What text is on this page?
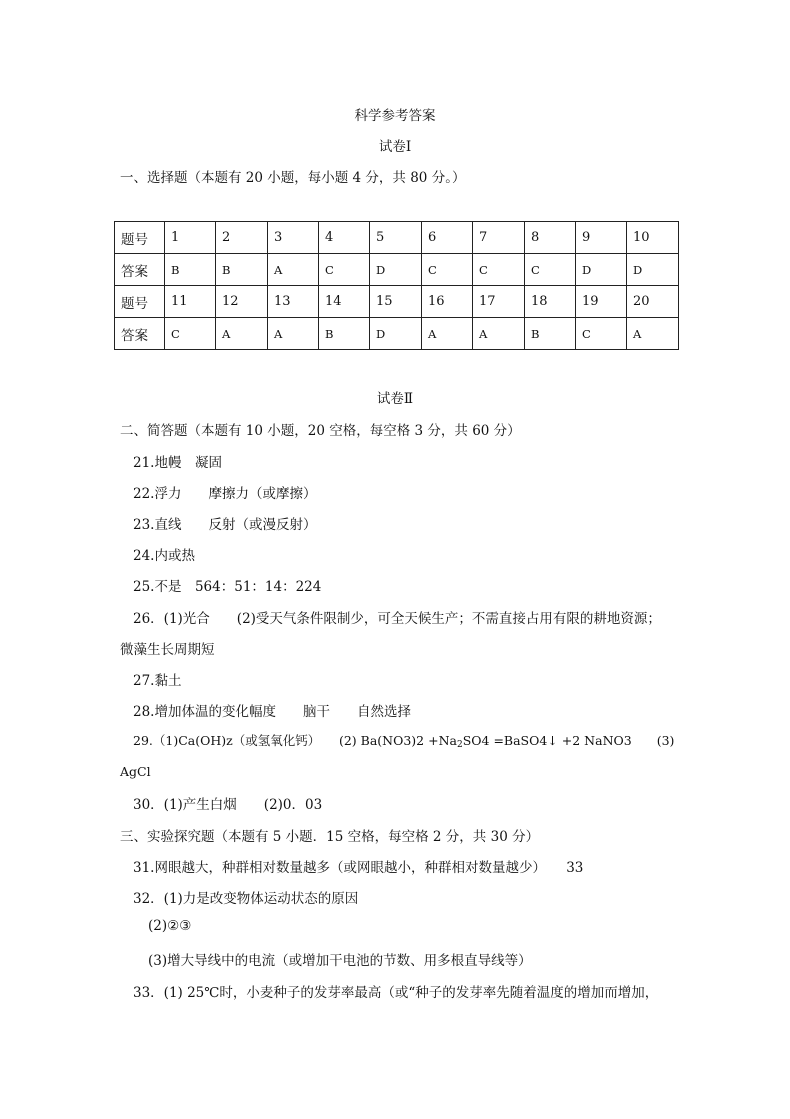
科学参考答案
试卷Ⅰ
一、选择题（本题有 20 小题，每小题 4 分，共 80 分。）
题号	1	2	3	4	5	6	7	8	9	10
答案	B	B	A	C	D	C	C	C	D	D
题号	11	12	13	14	15	16	17	18	19	20
答案	C	A	A	B	D	A	A	B	C	A
试卷Ⅱ
二、简答题（本题有 10 小题，20 空格，每空格 3 分，共 60 分）
21.地幔　凝固
22.浮力　　摩擦力（或摩擦）
23.直线　　反射（或漫反射）
24.内或热
25.不是　564：51：14：224
26．(1)光合　　(2)受天气条件限制少，可全天候生产；不需直接占用有限的耕地资源；
微藻生长周期短
27.黏土
28.增加体温的变化幅度　　脑干　　自然选择
29.（1)Ca(OH)z（或氢氧化钙）　　(2) $Ba(NO3)2 +Na_2SO4$ =BaSO4↓ +2 NaNO3　　(3)
AgCl
30．(1)产生白烟　　(2)0．03
三、实验探究题（本题有 5 小题．15 空格，每空格 2 分，共 30 分）
31.网眼越大，种群相对数量越多（或网眼越小，种群相对数量越少）　　33
32．(1)力是改变物体运动状态的原因
(2)②③
(3)增大导线中的电流（或增加干电池的节数、用多根直导线等）
33．(1) 25℃时，小麦种子的发芽率最高（或“种子的发芽率先随着温度的增加而增加，
